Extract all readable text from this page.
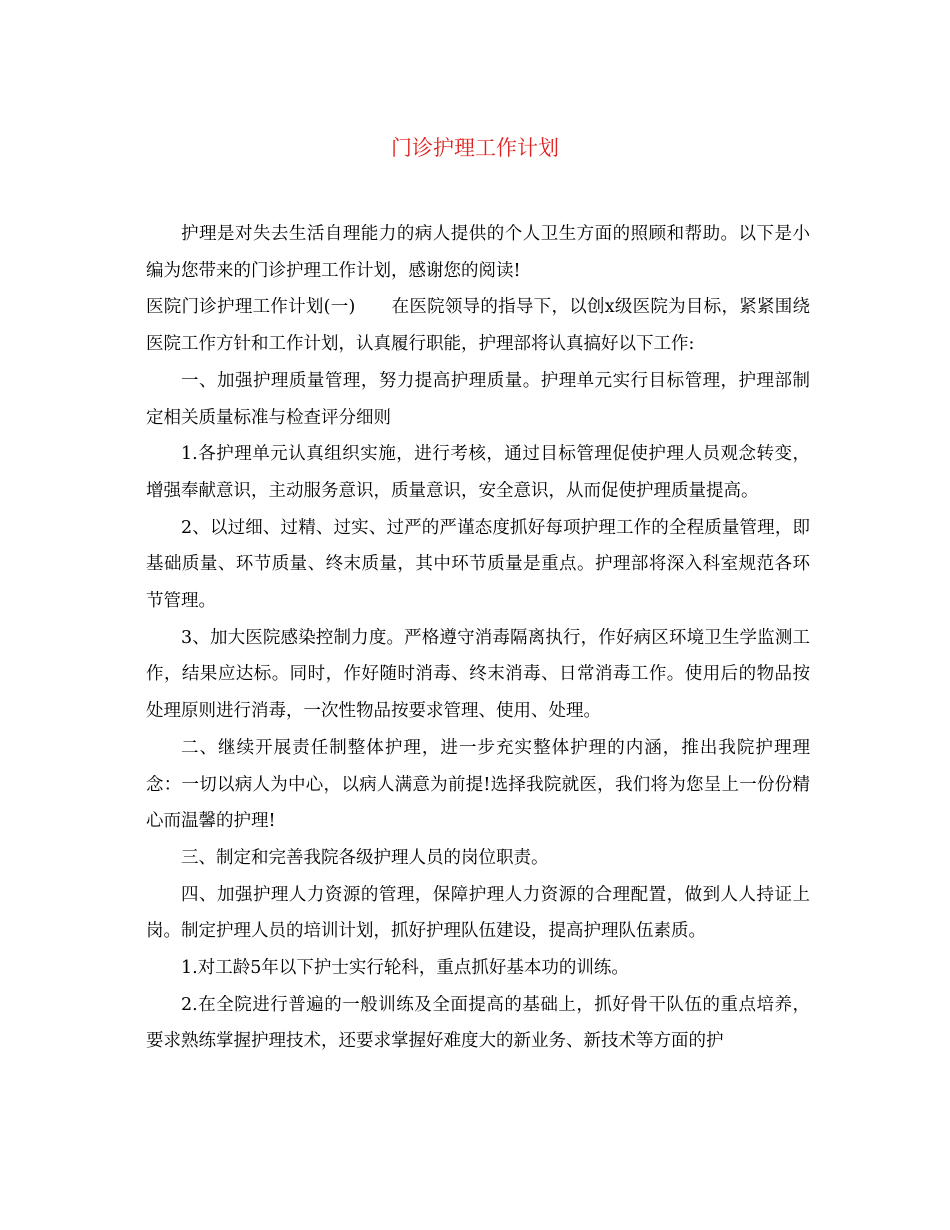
门诊护理工作计划

护理是对失去生活自理能力的病人提供的个人卫生方面的照顾和帮助。以下是小编为您带来的门诊护理工作计划，感谢您的阅读!

医院门诊护理工作计划(一) 在医院领导的指导下，以创x级医院为目标，紧紧围绕医院工作方针和工作计划，认真履行职能，护理部将认真搞好以下工作:

一、加强护理质量管理，努力提高护理质量。护理单元实行目标管理，护理部制定相关质量标准与检查评分细则

1.各护理单元认真组织实施，进行考核，通过目标管理促使护理人员观念转变，增强奉献意识，主动服务意识，质量意识，安全意识，从而促使护理质量提高。

2、以过细、过精、过实、过严的严谨态度抓好每项护理工作的全程质量管理，即基础质量、环节质量、终末质量，其中环节质量是重点。护理部将深入科室规范各环节管理。

3、加大医院感染控制力度。严格遵守消毒隔离执行，作好病区环境卫生学监测工作，结果应达标。同时，作好随时消毒、终末消毒、日常消毒工作。使用后的物品按处理原则进行消毒，一次性物品按要求管理、使用、处理。

二、继续开展责任制整体护理，进一步充实整体护理的内涵，推出我院护理理念：一切以病人为中心，以病人满意为前提!选择我院就医，我们将为您呈上一份份精心而温馨的护理!

三、制定和完善我院各级护理人员的岗位职责。

四、加强护理人力资源的管理，保障护理人力资源的合理配置，做到人人持证上岗。制定护理人员的培训计划，抓好护理队伍建设，提高护理队伍素质。

1.对工龄5年以下护士实行轮科，重点抓好基本功的训练。

2.在全院进行普遍的一般训练及全面提高的基础上，抓好骨干队伍的重点培养，要求熟练掌握护理技术，还要求掌握好难度大的新业务、新技术等方面的护
